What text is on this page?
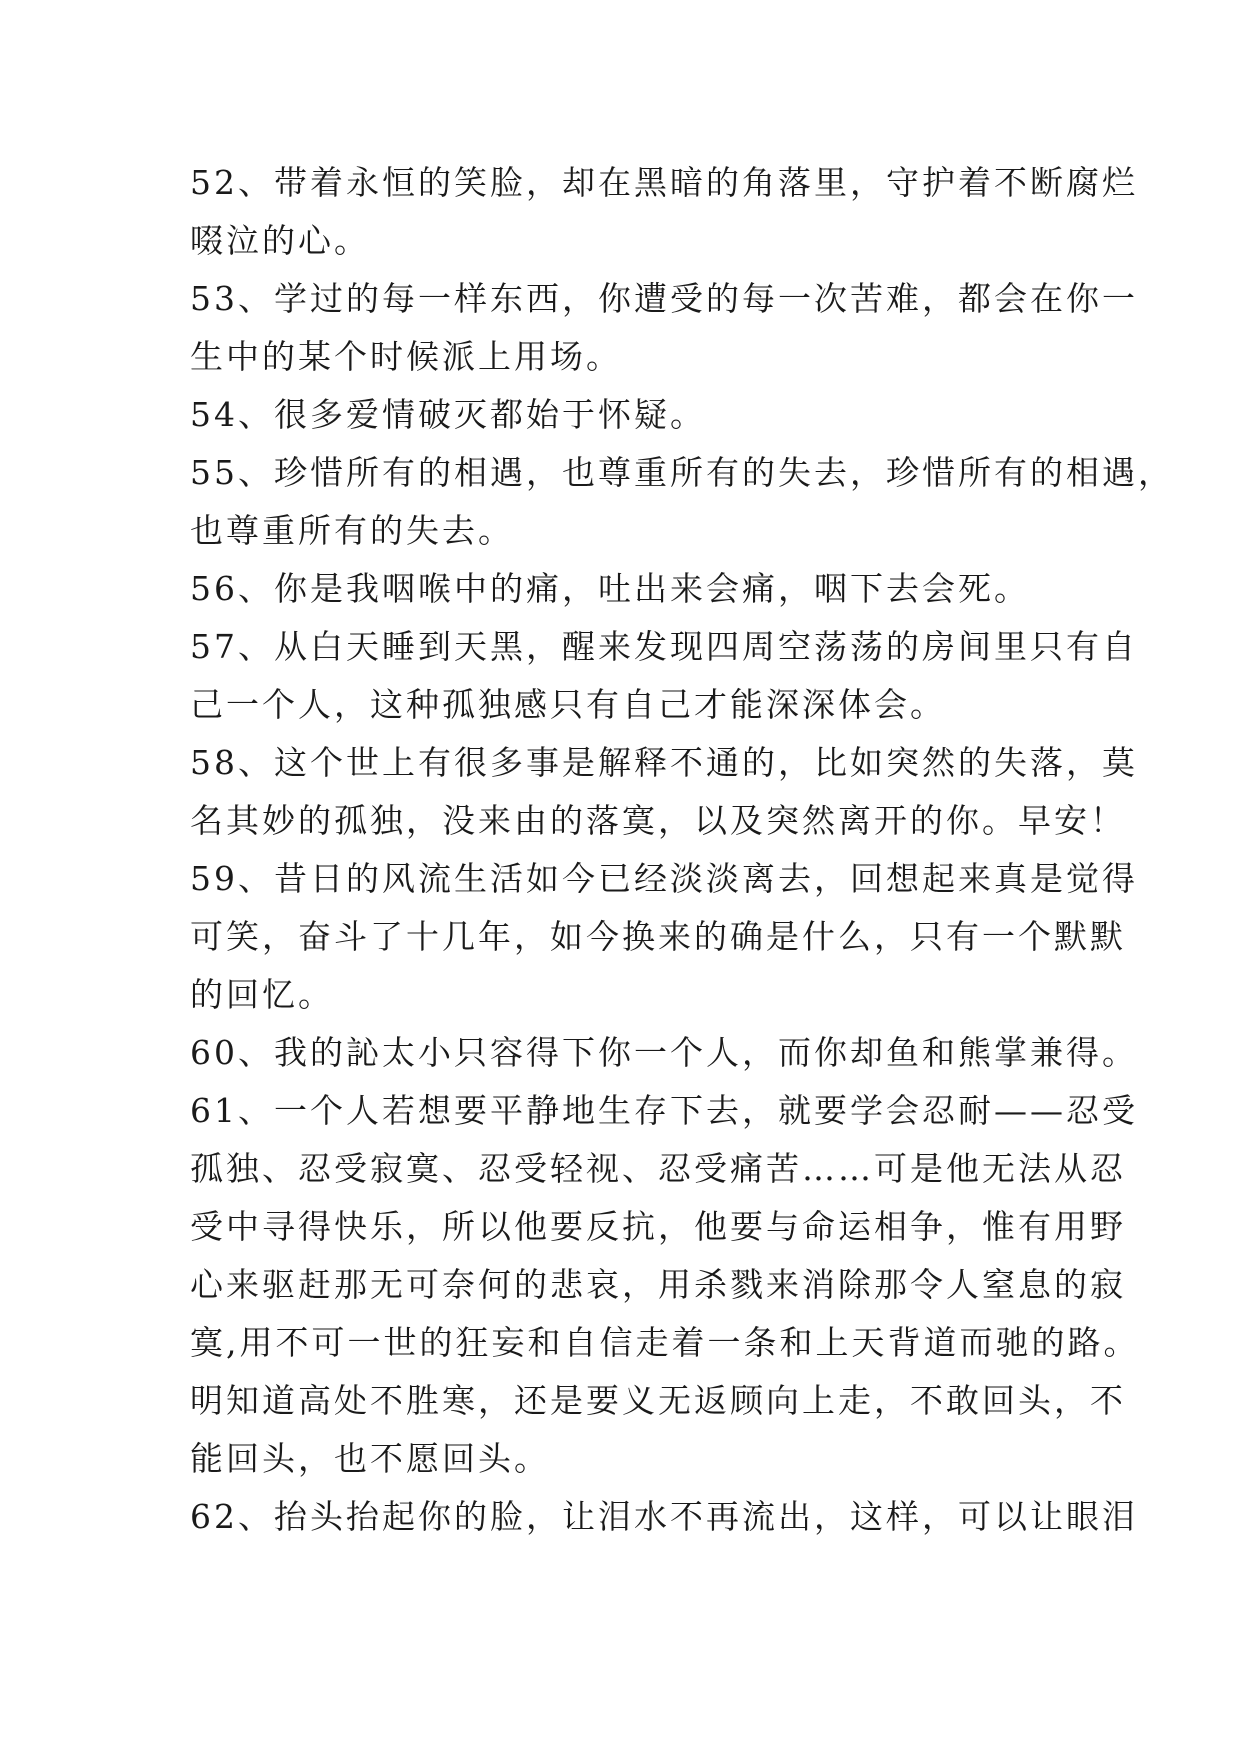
52、带着永恒的笑脸，却在黑暗的角落里，守护着不断腐烂
啜泣的心。
53、学过的每一样东西，你遭受的每一次苦难，都会在你一
生中的某个时候派上用场。
54、很多爱情破灭都始于怀疑。
55、珍惜所有的相遇，也尊重所有的失去，珍惜所有的相遇，
也尊重所有的失去。
56、你是我咽喉中的痛，吐出来会痛，咽下去会死。
57、从白天睡到天黑，醒来发现四周空荡荡的房间里只有自
己一个人，这种孤独感只有自己才能深深体会。
58、这个世上有很多事是解释不通的，比如突然的失落，莫
名其妙的孤独，没来由的落寞，以及突然离开的你。早安！
59、昔日的风流生活如今已经淡淡离去，回想起来真是觉得
可笑，奋斗了十几年，如今换来的确是什么，只有一个默默
的回忆。
60、我的訫太小只容得下你一个人，而你却鱼和熊掌兼得。
61、一个人若想要平静地生存下去，就要学会忍耐——忍受
孤独、忍受寂寞、忍受轻视、忍受痛苦……可是他无法从忍
受中寻得快乐，所以他要反抗，他要与命运相争，惟有用野
心来驱赶那无可奈何的悲哀，用杀戮来消除那令人窒息的寂
寞,用不可一世的狂妄和自信走着一条和上天背道而驰的路。
明知道高处不胜寒，还是要义无返顾向上走，不敢回头，不
能回头，也不愿回头。
62、抬头抬起你的脸，让泪水不再流出，这样，可以让眼泪
